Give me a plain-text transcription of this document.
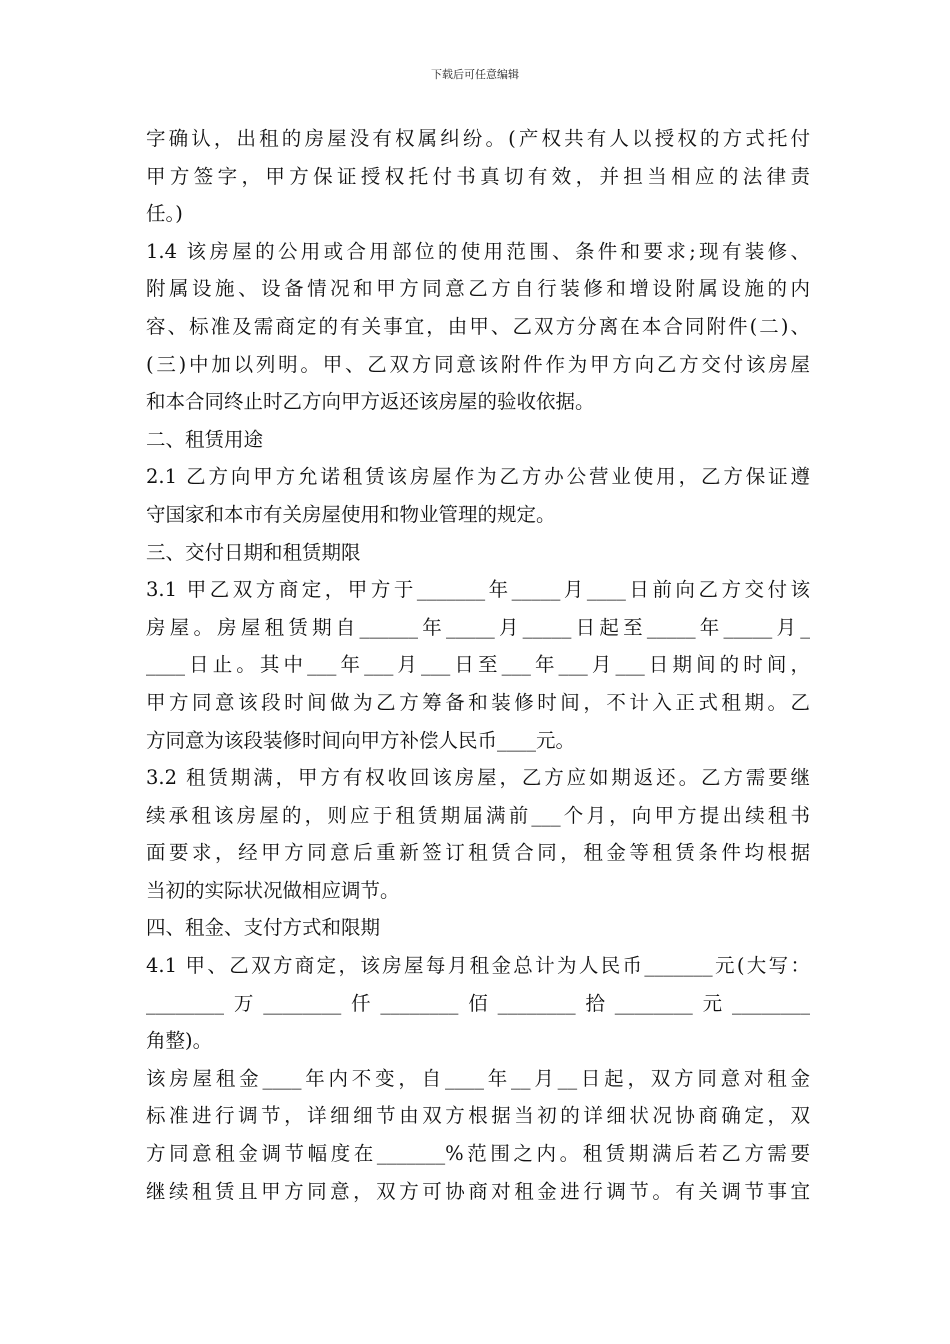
下载后可任意编辑
字确认，出租的房屋没有权属纠纷。(产权共有人以授权的方式托付
甲方签字，甲方保证授权托付书真切有效，并担当相应的法律责
任。)
1.4 该房屋的公用或合用部位的使用范围、条件和要求;现有装修、
附属设施、设备情况和甲方同意乙方自行装修和增设附属设施的内
容、标准及需商定的有关事宜，由甲、乙双方分离在本合同附件(二)、
(三)中加以列明。甲、乙双方同意该附件作为甲方向乙方交付该房屋
和本合同终止时乙方向甲方返还该房屋的验收依据。
二、租赁用途
2.1 乙方向甲方允诺租赁该房屋作为乙方办公营业使用，乙方保证遵
守国家和本市有关房屋使用和物业管理的规定。
三、交付日期和租赁期限
3.1 甲乙双方商定，甲方于_______年_____月____日前向乙方交付该
房屋。房屋租赁期自______年_____月_____日起至_____年_____月_
____日止。其中___年___月___日至___年___月___日期间的时间，
甲方同意该段时间做为乙方筹备和装修时间，不计入正式租期。乙
方同意为该段装修时间向甲方补偿人民币____元。
3.2 租赁期满，甲方有权收回该房屋，乙方应如期返还。乙方需要继
续承租该房屋的，则应于租赁期届满前___个月，向甲方提出续租书
面要求，经甲方同意后重新签订租赁合同，租金等租赁条件均根据
当初的实际状况做相应调节。
四、租金、支付方式和限期
4.1 甲、乙双方商定，该房屋每月租金总计为人民币_______元(大写：
________万________仟________佰________拾________元________
角整)。
该房屋租金____年内不变，自____年__月__日起，双方同意对租金
标准进行调节，详细细节由双方根据当初的详细状况协商确定，双
方同意租金调节幅度在_______%范围之内。租赁期满后若乙方需要
继续租赁且甲方同意，双方可协商对租金进行调节。有关调节事宜
